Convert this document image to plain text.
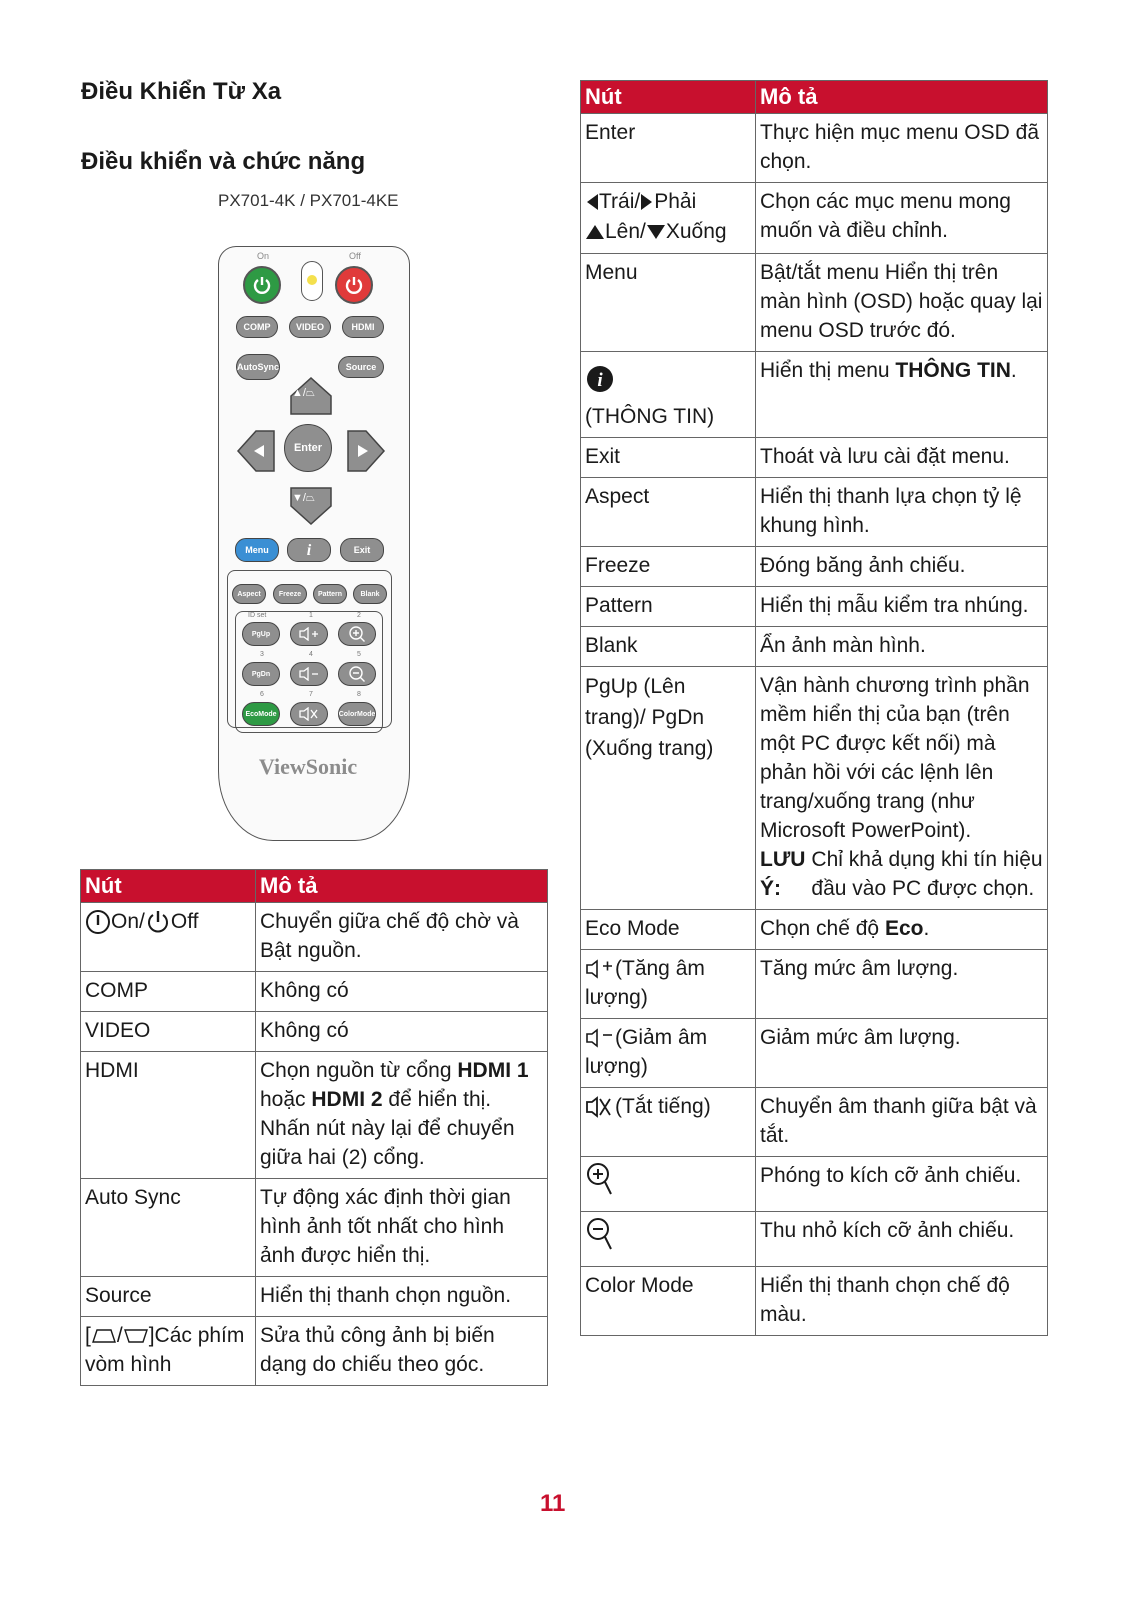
Điều Khiển Từ Xa
Điều khiển và chức năng
PX701-4K / PX701-4KE
On	Off
COMP	VIDEO	HDMI
Auto Sync	Source
▲/⏢
▼/⏢
Enter
Menu	i	Exit
Aspect	Freeze	Pattern	Blank
ID set	1	2
PgUp
3	4	5
PgDn
6	7	8
Eco Mode	Color Mode
ViewSonic
Nút	Mô tả
On/ Off	Chuyển giữa chế độ chờ và Bật nguồn.
COMP	Không có
VIDEO	Không có
HDMI	Chọn nguồn từ cổng HDMI 1 hoặc HDMI 2 để hiển thị. Nhấn nút này lại để chuyển giữa hai (2) cổng.
Auto Sync	Tự động xác định thời gian hình ảnh tốt nhất cho hình ảnh được hiển thị.
Source	Hiển thị thanh chọn nguồn.
[ / ]Các phím vòm hình	Sửa thủ công ảnh bị biến dạng do chiếu theo góc.
Nút	Mô tả
Enter	Thực hiện mục menu OSD đã chọn.

Trái/ Phải
Lên/ Xuống	Chọn các mục menu mong muốn và điều chỉnh.
Menu	Bật/tắt menu Hiển thị trên màn hình (OSD) hoặc quay lại menu OSD trước đó.

i
(THÔNG TIN)	Hiển thị menu THÔNG TIN.
Exit	Thoát và lưu cài đặt menu.
Aspect	Hiển thị thanh lựa chọn tỷ lệ khung hình.
Freeze	Đóng băng ảnh chiếu.
Pattern	Hiển thị mẫu kiểm tra nhúng.
Blank	Ẩn ảnh màn hình.
PgUp (Lên trang)/ PgDn (Xuống trang)	Vận hành chương trình phần mềm hiển thị của bạn (trên một PC được kết nối) mà phản hồi với các lệnh lên trang/xuống trang (như Microsoft PowerPoint).
LƯU Ý:
Chỉ khả dụng khi tín hiệu đầu vào PC được chọn.

Eco Mode	Chọn chế độ Eco.
(Tăng âm lượng)	Tăng mức âm lượng.
(Giảm âm lượng)	Giảm mức âm lượng.
(Tắt tiếng)	Chuyển âm thanh giữa bật và tắt.
	Phóng to kích cỡ ảnh chiếu.
	Thu nhỏ kích cỡ ảnh chiếu.
Color Mode	Hiển thị thanh chọn chế độ màu.
11
